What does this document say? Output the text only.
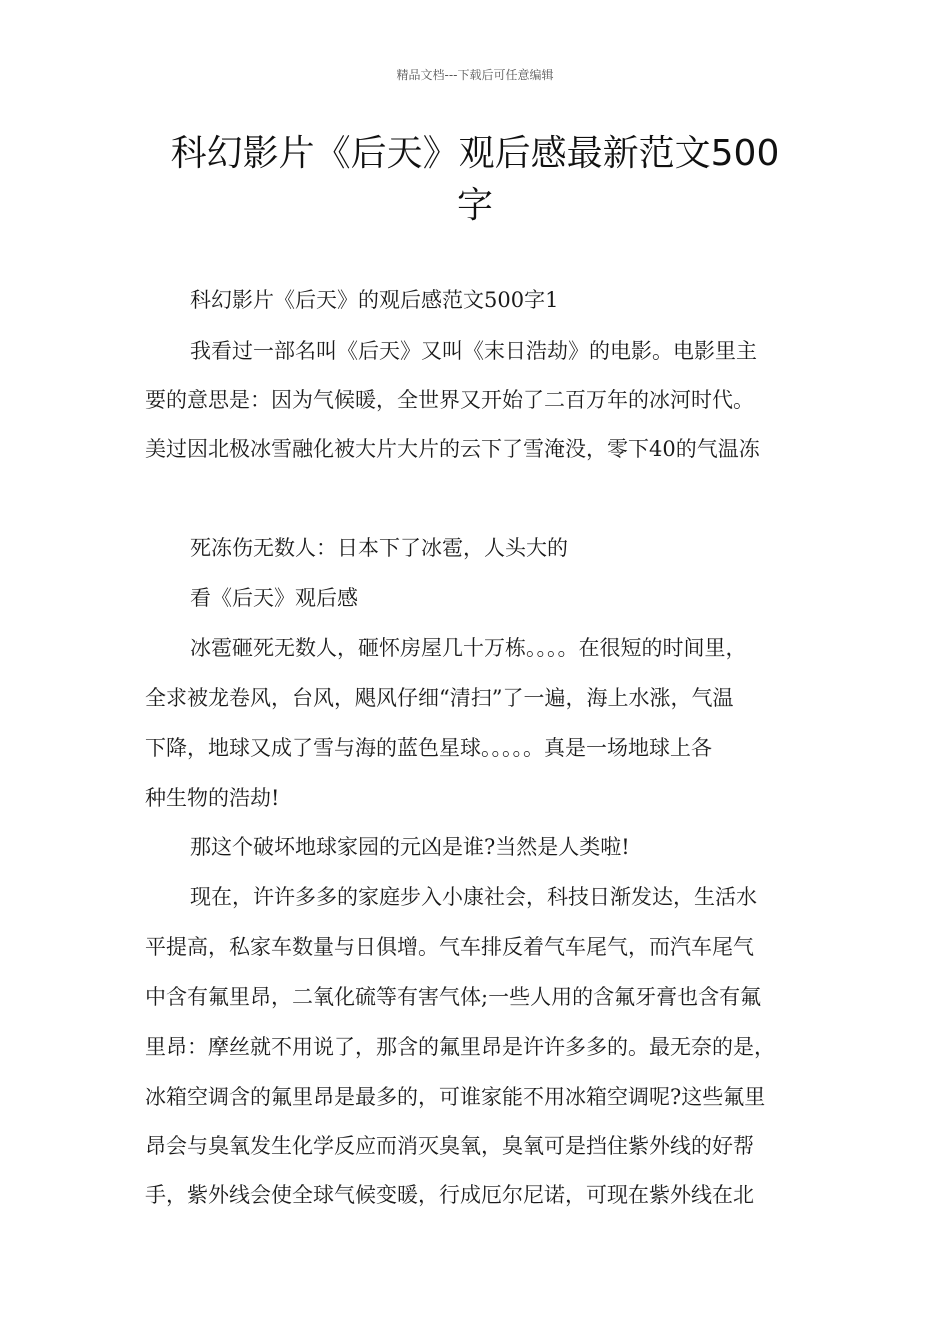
精品文档---下载后可任意编辑
科幻影片《后天》观后感最新范文500
字
科幻影片《后天》的观后感范文500字1
我看过一部名叫《后天》又叫《末日浩劫》的电影。电影里主
要的意思是：因为气候暖，全世界又开始了二百万年的冰河时代。
美过因北极冰雪融化被大片大片的云下了雪淹没，零下40的气温冻
死冻伤无数人：日本下了冰雹，人头大的
看《后天》观后感
冰雹砸死无数人，砸怀房屋几十万栋。。。。在很短的时间里，
全求被龙卷风，台风，飓风仔细“清扫”了一遍，海上水涨，气温
下降，地球又成了雪与海的蓝色星球。。。。。真是一场地球上各
种生物的浩劫!
那这个破坏地球家园的元凶是谁?当然是人类啦!
现在，许许多多的家庭步入小康社会，科技日渐发达，生活水
平提高，私家车数量与日俱增。气车排反着气车尾气，而汽车尾气
中含有氟里昂，二氧化硫等有害气体;一些人用的含氟牙膏也含有氟
里昂：摩丝就不用说了，那含的氟里昂是许许多多的。最无奈的是，
冰箱空调含的氟里昂是最多的，可谁家能不用冰箱空调呢?这些氟里
昂会与臭氧发生化学反应而消灭臭氧，臭氧可是挡住紫外线的好帮
手，紫外线会使全球气候变暖，行成厄尔尼诺，可现在紫外线在北
